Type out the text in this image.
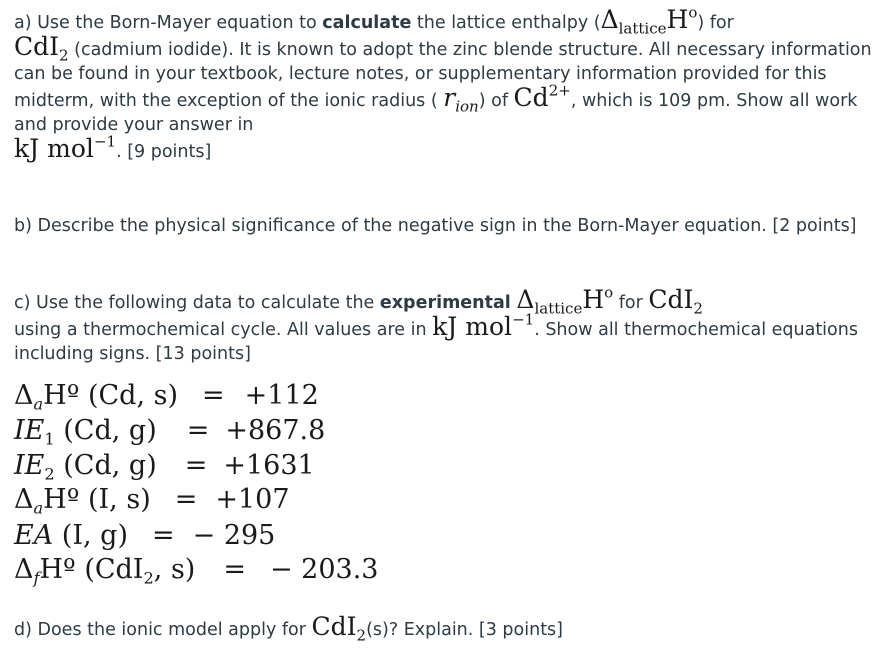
a) Use the Born-Mayer equation to calculate the lattice enthalpy $(\Delta_{lattice}H^o)$ for
CdI$_2$ (cadmium iodide). It is known to adopt the zinc blende structure. All necessary information can be found in your textbook, lecture notes, or supplementary information provided for this midterm, with the exception of the ionic radius ( $r_{ion}$) of $Cd^{2+}$, which is 109 pm. Show all work and provide your answer in
kJ mol$^{-1}$. [9 points]
b) Describe the physical significance of the negative sign in the Born-Mayer equation. [2 points]
c) Use the following data to calculate the experimental $\Delta_{lattice}H^o$ for CdI$_2$
using a thermochemical cycle. All values are in kJ mol$^{-1}$. Show all thermochemical equations including signs. [13 points]
$\Delta_aHº$ (Cd, s) = +112
$IE_1$ (Cd, g) = +867.8
$IE_2$ (Cd, g) = +1631
$\Delta_aHº$ (I, s) = +107
EA (I, g) = − 295
$\Delta_fHº$ (CdI$_2$, s) = − 203.3
d) Does the ionic model apply for CdI$_2$(s)? Explain. [3 points]
